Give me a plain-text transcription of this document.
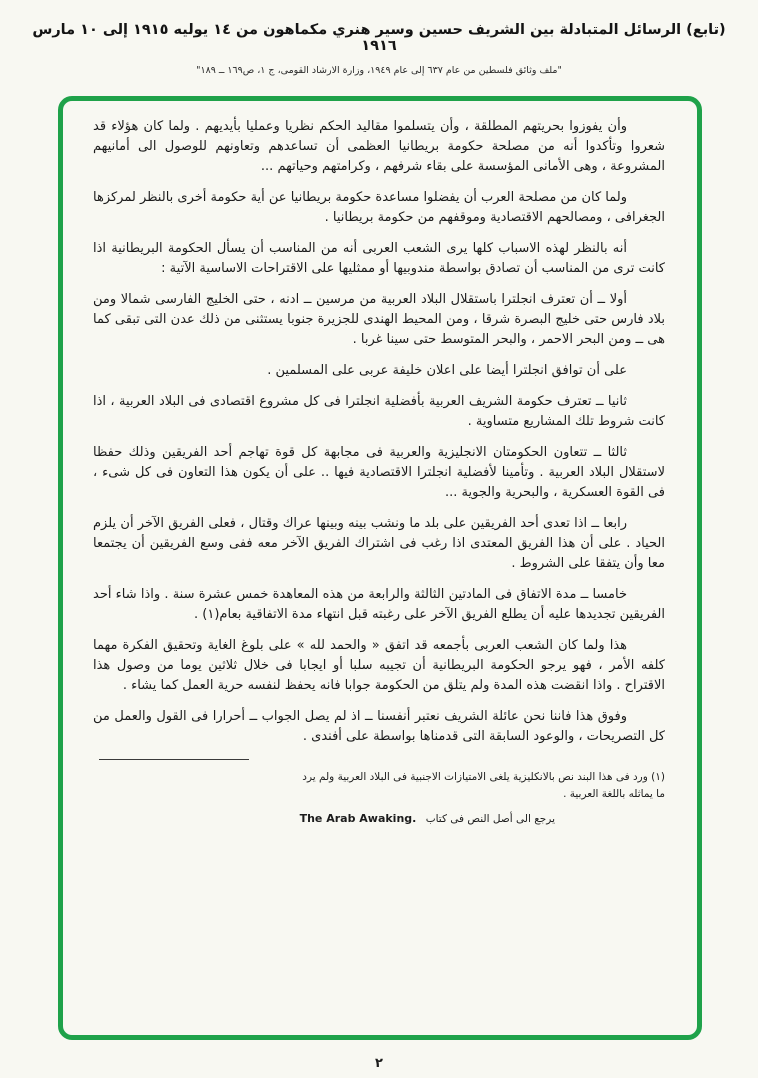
(تابع) الرسائل المتبادلة بين الشريف حسين وسير هنري مكماهون من ١٤ يوليه ١٩١٥ إلى ١٠ مارس ١٩١٦
"ملف وثائق فلسطين من عام ٦٣٧ إلى عام ١٩٤٩، وزارة الارشاد القومى، ج ١، ص١٦٩ ــ ١٨٩"

وأن يفوزوا بحريتهم المطلقة ، وأن يتسلموا مقاليد الحكم نظريا وعمليا بأيديهم . ولما كان هؤلاء قد شعروا وتأكدوا أنه من مصلحة حكومة بريطانيا العظمى أن تساعدهم وتعاونهم للوصول الى أمانيهم المشروعة ، وهى الأمانى المؤسسة على بقاء شرفهم ، وكرامتهم وحياتهم ...

ولما كان من مصلحة العرب أن يفضلوا مساعدة حكومة بريطانيا عن أية حكومة أخرى بالنظر لمركزها الجغرافى ، ومصالحهم الاقتصادية وموقفهم من حكومة بريطانيا .

أنه بالنظر لهذه الاسباب كلها يرى الشعب العربى أنه من المناسب أن يسأل الحكومة البريطانية اذا كانت ترى من المناسب أن تصادق بواسطة مندوبيها أو ممثليها على الاقتراحات الاساسية الآتية :

أولا ــ أن تعترف انجلترا باستقلال البلاد العربية من مرسين ــ ادنه ، حتى الخليج الفارسى شمالا ومن بلاد فارس حتى خليج البصرة شرقا ، ومن المحيط الهندى للجزيرة جنوبا يستثنى من ذلك عدن التى تبقى كما هى ــ ومن البحر الاحمر ، والبحر المتوسط حتى سينا غربا .

على أن توافق انجلترا أيضا على اعلان خليفة عربى على المسلمين .

ثانيا ــ تعترف حكومة الشريف العربية بأفضلية انجلترا فى كل مشروع اقتصادى فى البلاد العربية ، اذا كانت شروط تلك المشاريع متساوية .

ثالثا ــ تتعاون الحكومتان الانجليزية والعربية فى مجابهة كل قوة تهاجم أحد الفريقين وذلك حفظا لاستقلال البلاد العربية . وتأمينا لأفضلية انجلترا الاقتصادية فيها .. على أن يكون هذا التعاون فى كل شىء ، فى القوة العسكرية ، والبحرية والجوية ...

رابعا ــ اذا تعدى أحد الفريقين على بلد ما ونشب بينه وبينها عراك وقتال ، فعلى الفريق الآخر أن يلزم الحياد . على أن هذا الفريق المعتدى اذا رغب فى اشتراك الفريق الآخر معه ففى وسع الفريقين أن يجتمعا معا وأن يتفقا على الشروط .

خامسا ــ مدة الاتفاق فى المادتين الثالثة والرابعة من هذه المعاهدة خمس عشرة سنة . واذا شاء أحد الفريقين تجديدها عليه أن يطلع الفريق الآخر على رغبته قبل انتهاء مدة الاتفاقية بعام(١) .

هذا ولما كان الشعب العربى بأجمعه قد اتفق « والحمد لله » على بلوغ الغاية وتحقيق الفكرة مهما كلفه الأمر ، فهو يرجو الحكومة البريطانية أن تجيبه سلبا أو ايجابا فى خلال ثلاثين يوما من وصول هذا الاقتراح . واذا انقضت هذه المدة ولم يتلق من الحكومة جوابا فانه يحفظ لنفسه حرية العمل كما يشاء .

وفوق هذا فاننا نحن عائلة الشريف نعتبر أنفسنا ــ اذ لم يصل الجواب ــ أحرارا فى القول والعمل من كل التصريحات ، والوعود السابقة التى قدمناها بواسطة على أفندى .

(١) ورد فى هذا البند نص بالانكليزية يلغى الامتيازات الاجنبية فى البلاد العربية ولم يرد

ما يماثله باللغة العربية .

يرجع الى أصل النص فى كتاب The Arab Awaking.

٢
